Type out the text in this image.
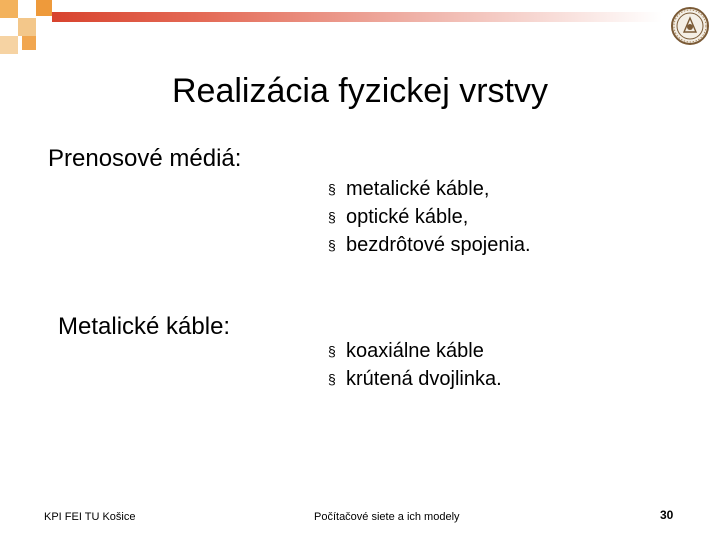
Realizácia fyzickej vrstvy
Prenosové médiá:
§ metalické káble,
§ optické káble,
§ bezdrôtové spojenia.
Metalické káble:
§ koaxiálne káble
§ krútená dvojlinka.
KPI FEI TU Košice	Počítačové siete a ich modely	30
